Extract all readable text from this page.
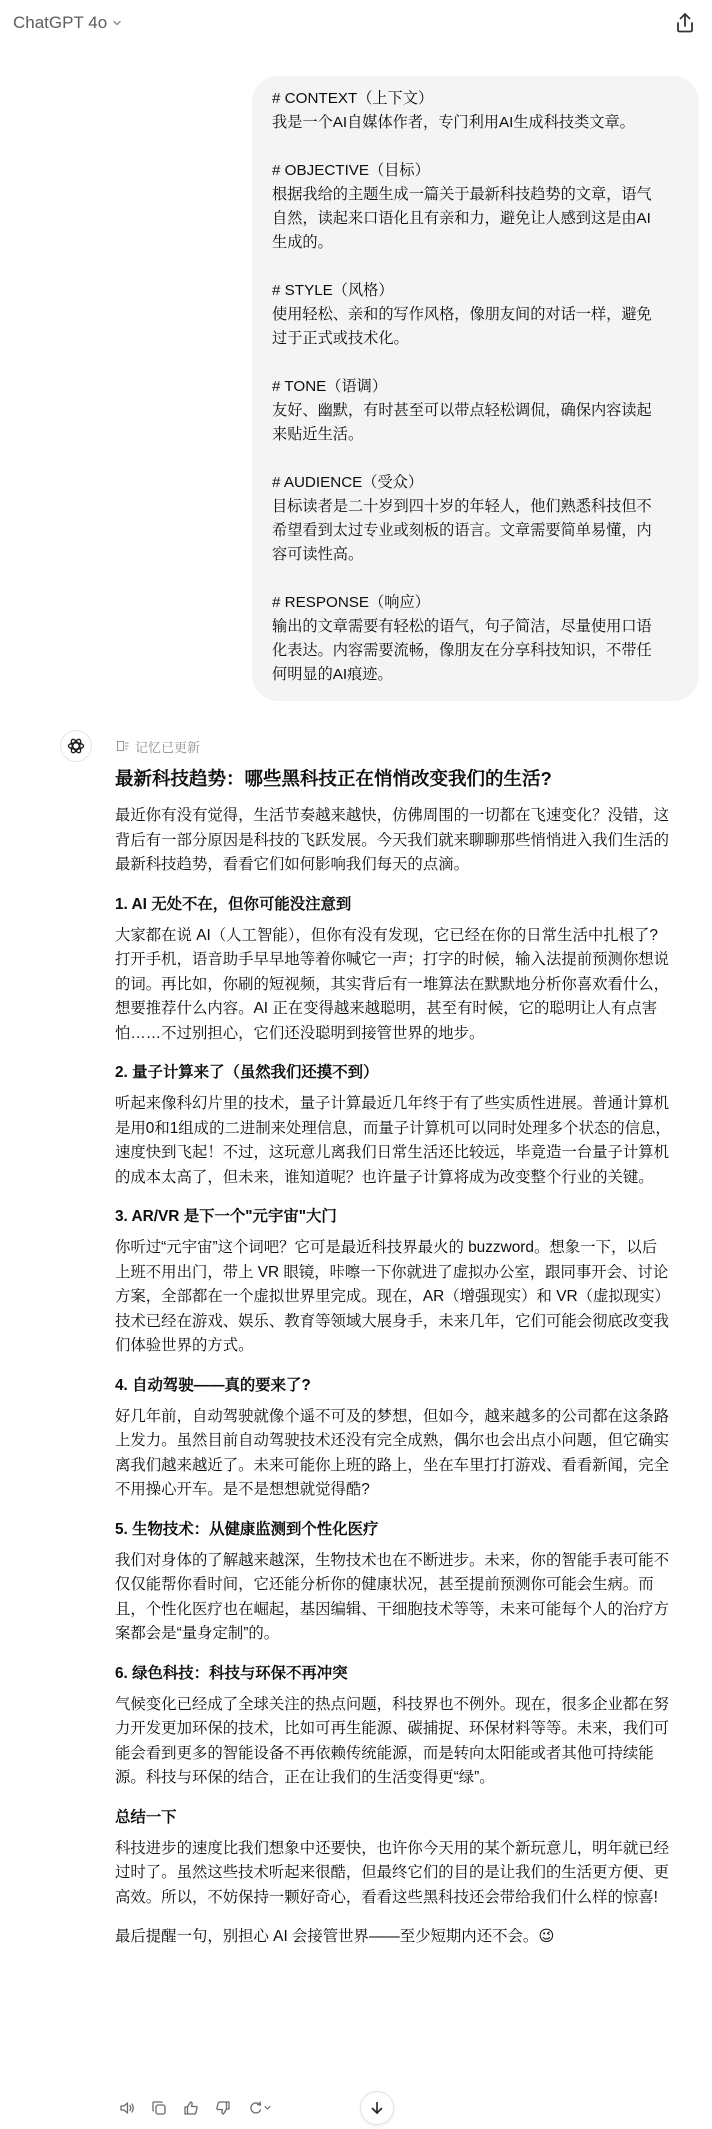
ChatGPT 4o
# CONTEXT（上下文）
我是一个AI自媒体作者，专门利用AI生成科技类文章。
# OBJECTIVE（目标）
根据我给的主题生成一篇关于最新科技趋势的文章，语气
自然，读起来口语化且有亲和力，避免让人感到这是由AI
生成的。
# STYLE（风格）
使用轻松、亲和的写作风格，像朋友间的对话一样，避免
过于正式或技术化。
# TONE（语调）
友好、幽默，有时甚至可以带点轻松调侃，确保内容读起
来贴近生活。
# AUDIENCE（受众）
目标读者是二十岁到四十岁的年轻人，他们熟悉科技但不
希望看到太过专业或刻板的语言。文章需要简单易懂，内
容可读性高。
# RESPONSE（响应）
输出的文章需要有轻松的语气，句子简洁，尽量使用口语
化表达。内容需要流畅，像朋友在分享科技知识，不带任
何明显的AI痕迹。
记忆已更新
最新科技趋势：哪些黑科技正在悄悄改变我们的生活?
最近你有没有觉得，生活节奏越来越快，仿佛周围的一切都在飞速变化？没错，这
背后有一部分原因是科技的飞跃发展。今天我们就来聊聊那些悄悄进入我们生活的
最新科技趋势，看看它们如何影响我们每天的点滴。
1. AI 无处不在，但你可能没注意到
大家都在说 AI（人工智能），但你有没有发现，它已经在你的日常生活中扎根了?
打开手机，语音助手早早地等着你喊它一声；打字的时候，输入法提前预测你想说
的词。再比如，你刷的短视频，其实背后有一堆算法在默默地分析你喜欢看什么，
想要推荐什么内容。AI 正在变得越来越聪明，甚至有时候，它的聪明让人有点害
怕……不过别担心，它们还没聪明到接管世界的地步。
2. 量子计算来了（虽然我们还摸不到）
听起来像科幻片里的技术，量子计算最近几年终于有了些实质性进展。普通计算机
是用0和1组成的二进制来处理信息，而量子计算机可以同时处理多个状态的信息，
速度快到飞起！不过，这玩意儿离我们日常生活还比较远，毕竟造一台量子计算机
的成本太高了，但未来，谁知道呢？也许量子计算将成为改变整个行业的关键。
3. AR/VR 是下一个"元宇宙"大门
你听过“元宇宙”这个词吧？它可是最近科技界最火的 buzzword。想象一下，以后
上班不用出门，带上 VR 眼镜，咔嚓一下你就进了虚拟办公室，跟同事开会、讨论
方案，全部都在一个虚拟世界里完成。现在，AR（增强现实）和 VR（虚拟现实）
技术已经在游戏、娱乐、教育等领域大展身手，未来几年，它们可能会彻底改变我
们体验世界的方式。
4. 自动驾驶——真的要来了?
好几年前，自动驾驶就像个遥不可及的梦想，但如今，越来越多的公司都在这条路
上发力。虽然目前自动驾驶技术还没有完全成熟，偶尔也会出点小问题，但它确实
离我们越来越近了。未来可能你上班的路上，坐在车里打打游戏、看看新闻，完全
不用操心开车。是不是想想就觉得酷?
5. 生物技术：从健康监测到个性化医疗
我们对身体的了解越来越深，生物技术也在不断进步。未来，你的智能手表可能不
仅仅能帮你看时间，它还能分析你的健康状况，甚至提前预测你可能会生病。而
且，个性化医疗也在崛起，基因编辑、干细胞技术等等，未来可能每个人的治疗方
案都会是“量身定制”的。
6. 绿色科技：科技与环保不再冲突
气候变化已经成了全球关注的热点问题，科技界也不例外。现在，很多企业都在努
力开发更加环保的技术，比如可再生能源、碳捕捉、环保材料等等。未来，我们可
能会看到更多的智能设备不再依赖传统能源，而是转向太阳能或者其他可持续能
源。科技与环保的结合，正在让我们的生活变得更“绿”。
总结一下
科技进步的速度比我们想象中还要快，也许你今天用的某个新玩意儿，明年就已经
过时了。虽然这些技术听起来很酷，但最终它们的目的是让我们的生活更方便、更
高效。所以，不妨保持一颗好奇心，看看这些黑科技还会带给我们什么样的惊喜!
最后提醒一句，别担心 AI 会接管世界——至少短期内还不会。😉
